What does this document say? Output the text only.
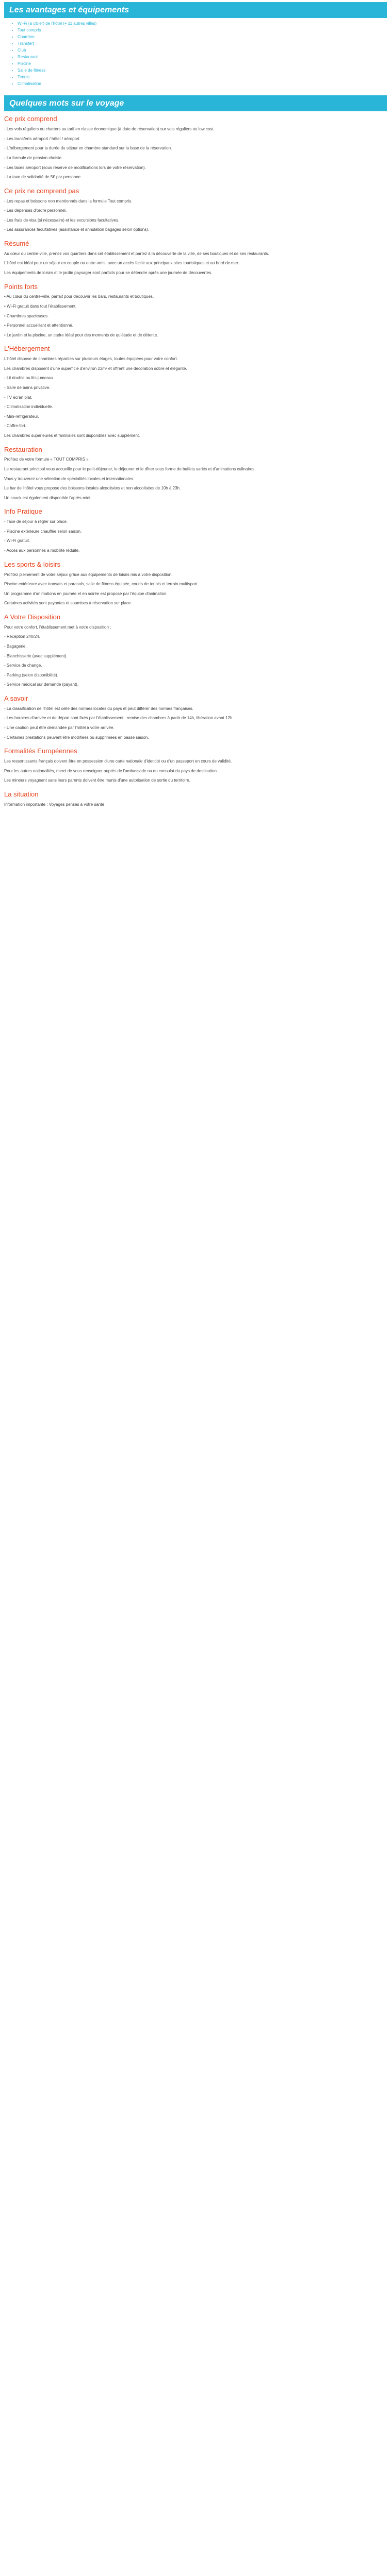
Les avantages et équipements
• Wi-Fi (à cibler) de l'hôtel (+ 11 autres villes)
• Tout compris
• Chambre
• Transfert
• Club
• Restaurant
• Piscine
• Salle de fitness
• Tennis
• Climatisation
Quelques mots sur le voyage
Ce prix comprend

- Les vols réguliers ou charters au tarif en classe économique (à date de réservation) sur vols réguliers ou low cost.

- Les transferts aéroport / hôtel / aéroport.

- L'hébergement pour la durée du séjour en chambre standard sur la base de la réservation.

- La formule de pension choisie.

- Les taxes aéroport (sous réserve de modifications lors de votre réservation).

- La taxe de solidarité de 5€ par personne.

Ce prix ne comprend pas

- Les repas et boissons non mentionnés dans la formule Tout compris.

- Les dépenses d'ordre personnel.

- Les frais de visa (si nécessaire) et les excursions facultatives.

- Les assurances facultatives (assistance et annulation bagages selon options).

Résumé

Au cœur du centre-ville, prenez vos quartiers dans cet établissement et partez à la découverte de la ville, de ses boutiques et de ses restaurants.

L'hôtel est idéal pour un séjour en couple ou entre amis, avec un accès facile aux principaux sites touristiques et au bord de mer.

Les équipements de loisirs et le jardin paysager sont parfaits pour se détendre après une journée de découvertes.

Points forts

• Au cœur du centre-ville, parfait pour découvrir les bars, restaurants et boutiques.

• Wi-Fi gratuit dans tout l'établissement.

• Chambres spacieuses.

• Personnel accueillant et attentionné.

• Le jardin et la piscine, un cadre idéal pour des moments de quiétude et de détente.

L'Hébergement

L'hôtel dispose de chambres réparties sur plusieurs étages, toutes équipées pour votre confort.

Les chambres disposent d'une superficie d'environ 23m² et offrent une décoration sobre et élégante.

- Lit double ou lits jumeaux.

- Salle de bains privative.

- TV écran plat.

- Climatisation individuelle.

- Mini-réfrigérateur.

- Coffre-fort.

Les chambres supérieures et familiales sont disponibles avec supplément.

Restauration

Profitez de votre formule « TOUT COMPRIS »

Le restaurant principal vous accueille pour le petit-déjeuner, le déjeuner et le dîner sous forme de buffets variés et d'animations culinaires.

Vous y trouverez une sélection de spécialités locales et internationales.

Le bar de l'hôtel vous propose des boissons locales alcoolisées et non alcoolisées de 10h à 23h.

Un snack est également disponible l'après-midi.

Info Pratique

- Taxe de séjour à régler sur place.

- Piscine extérieure chauffée selon saison.

- Wi-Fi gratuit.

- Accès aux personnes à mobilité réduite.

Les sports & loisirs

Profitez pleinement de votre séjour grâce aux équipements de loisirs mis à votre disposition.

Piscine extérieure avec transats et parasols, salle de fitness équipée, courts de tennis et terrain multisport.

Un programme d'animations en journée et en soirée est proposé par l'équipe d'animation.

Certaines activités sont payantes et soumises à réservation sur place.

A Votre Disposition

Pour votre confort, l'établissement met à votre disposition :

- Réception 24h/24.

- Bagagerie.

- Blanchisserie (avec supplément).

- Service de change.

- Parking (selon disponibilité).

- Service médical sur demande (payant).

A savoir

- La classification de l'hôtel est celle des normes locales du pays et peut différer des normes françaises.

- Les horaires d'arrivée et de départ sont fixés par l'établissement : remise des chambres à partir de 14h, libération avant 12h.

- Une caution peut être demandée par l'hôtel à votre arrivée.

- Certaines prestations peuvent être modifiées ou supprimées en basse saison.

Formalités Européennes

Les ressortissants français doivent être en possession d'une carte nationale d'identité ou d'un passeport en cours de validité.

Pour les autres nationalités, merci de vous renseigner auprès de l'ambassade ou du consulat du pays de destination.

Les mineurs voyageant sans leurs parents doivent être munis d'une autorisation de sortie du territoire.

La situation

Information importante : Voyages pensés à votre santé
